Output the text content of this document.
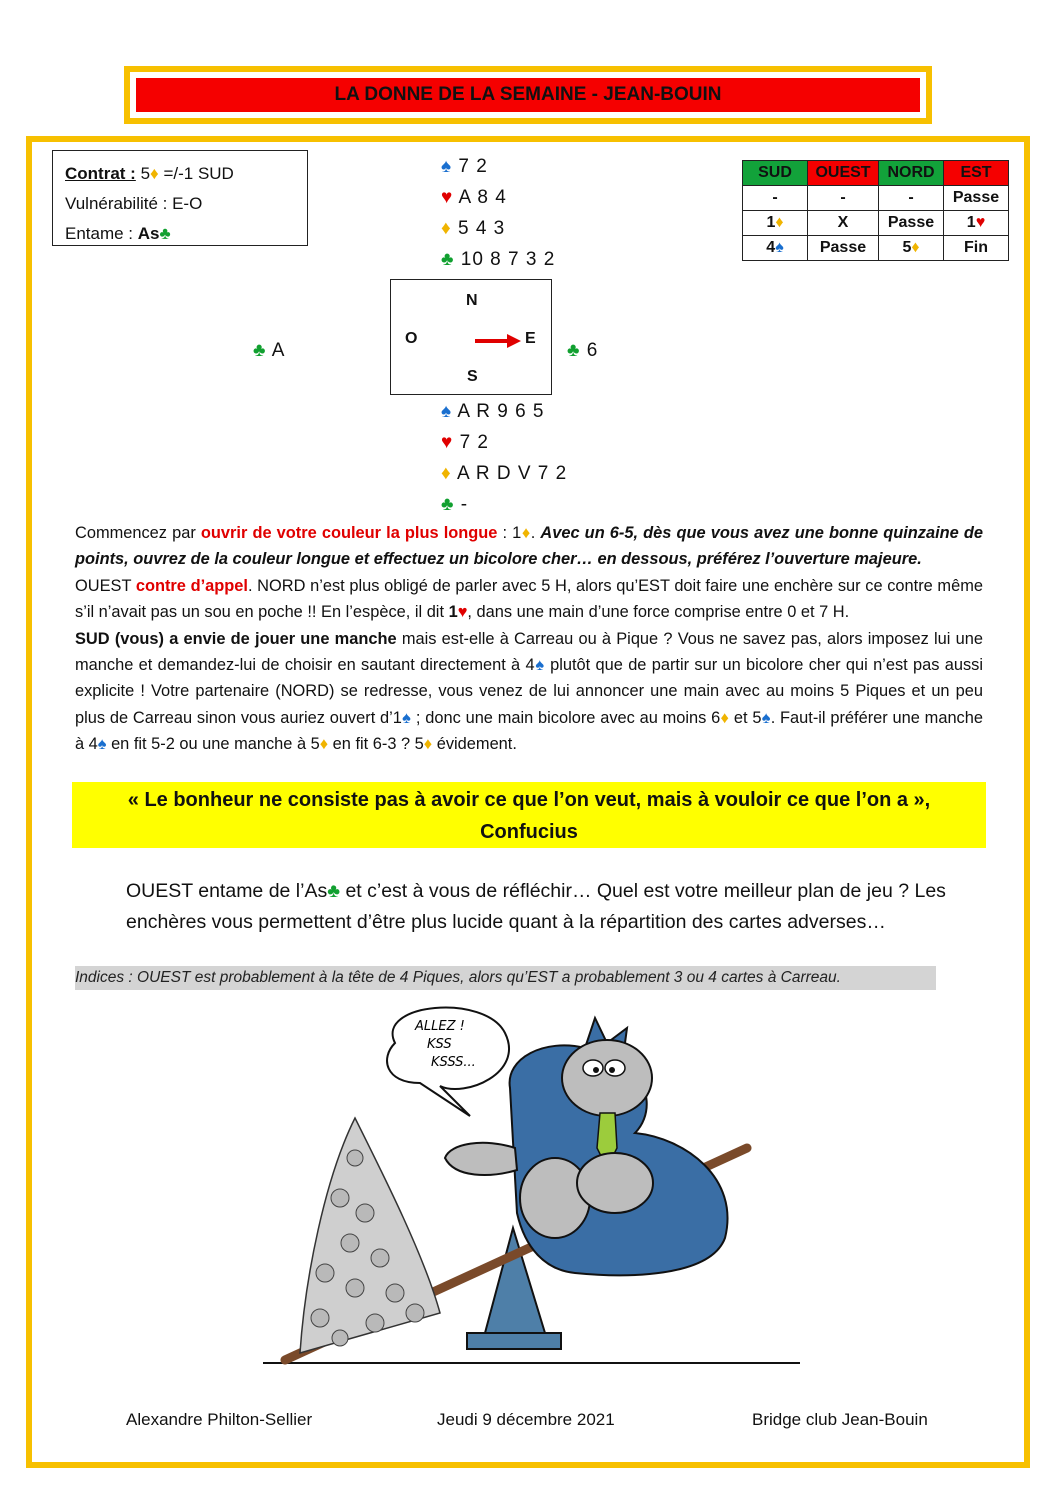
LA DONNE DE LA SEMAINE - JEAN-BOUIN
Contrat : 5♦ =/-1 SUD
Vulnérabilité : E-O
Entame : As♣
♠ 7 2
♥ A 8 4
♦ 5 4 3
♣ 10 8 7 3 2
SUD	OUEST	NORD	EST
-	-	-	Passe
1♦	X	Passe	1♥
4♠	Passe	5♦	Fin
♣ A	♣ 6
N
O	E
S
♠ A R 9 6 5
♥ 7 2
♦ A R D V 7 2
♣ -
Commencez par ouvrir de votre couleur la plus longue : 1♦. Avec un 6-5, dès que vous avez une bonne quinzaine de points, ouvrez de la couleur longue et effectuez un bicolore cher… en dessous, préférez l’ouverture majeure.
OUEST contre d’appel. NORD n’est plus obligé de parler avec 5 H, alors qu’EST doit faire une enchère sur ce contre même s’il n’avait pas un sou en poche !! En l’espèce, il dit 1♥, dans une main d’une force comprise entre 0 et 7 H.
SUD (vous) a envie de jouer une manche mais est-elle à Carreau ou à Pique ? Vous ne savez pas, alors imposez lui une manche et demandez-lui de choisir en sautant directement à 4♠ plutôt que de partir sur un bicolore cher qui n’est pas aussi explicite ! Votre partenaire (NORD) se redresse, vous venez de lui annoncer une main avec au moins 5 Piques et un peu plus de Carreau sinon vous auriez ouvert d’1♠ ; donc une main bicolore avec au moins 6♦ et 5♠. Faut-il préférer une manche à 4♠ en fit 5-2 ou une manche à 5♦ en fit 6-3 ? 5♦ évidement.
« Le bonheur ne consiste pas à avoir ce que l’on veut, mais à vouloir ce que l’on a »,
Confucius
OUEST entame de l’As♣ et c’est à vous de réfléchir… Quel est votre meilleur plan de jeu ? Les enchères vous permettent d’être plus lucide quant à la répartition des cartes adverses…
Indices : OUEST est probablement à la tête de 4 Piques, alors qu’EST a probablement 3 ou 4 cartes à Carreau.
ALLEZ !
KSS
KSSS...
Alexandre Philton-Sellier	Jeudi 9 décembre 2021	Bridge club Jean-Bouin
